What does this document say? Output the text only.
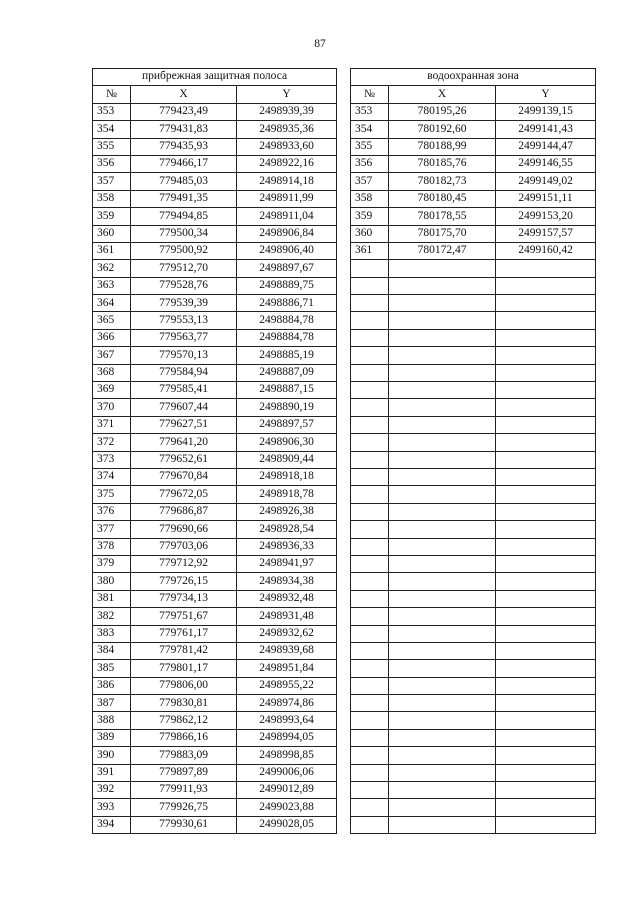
87
прибрежная защитная полоса		
№	X	Y
353	779423,49	2498939,39
354	779431,83	2498935,36
355	779435,93	2498933,60
356	779466,17	2498922,16
357	779485,03	2498914,18
358	779491,35	2498911,99
359	779494,85	2498911,04
360	779500,34	2498906,84
361	779500,92	2498906,40
362	779512,70	2498897,67
363	779528,76	2498889,75
364	779539,39	2498886,71
365	779553,13	2498884,78
366	779563,77	2498884,78
367	779570,13	2498885,19
368	779584,94	2498887,09
369	779585,41	2498887,15
370	779607,44	2498890,19
371	779627,51	2498897,57
372	779641,20	2498906,30
373	779652,61	2498909,44
374	779670,84	2498918,18
375	779672,05	2498918,78
376	779686,87	2498926,38
377	779690,66	2498928,54
378	779703,06	2498936,33
379	779712,92	2498941,97
380	779726,15	2498934,38
381	779734,13	2498932,48
382	779751,67	2498931,48
383	779761,17	2498932,62
384	779781,42	2498939,68
385	779801,17	2498951,84
386	779806,00	2498955,22
387	779830,81	2498974,86
388	779862,12	2498993,64
389	779866,16	2498994,05
390	779883,09	2498998,85
391	779897,89	2499006,06
392	779911,93	2499012,89
393	779926,75	2499023,88
394	779930,61	2499028,05
водоохранная зона		
№	X	Y
353	780195,26	2499139,15
354	780192,60	2499141,43
355	780188,99	2499144,47
356	780185,76	2499146,55
357	780182,73	2499149,02
358	780180,45	2499151,11
359	780178,55	2499153,20
360	780175,70	2499157,57
361	780172,47	2499160,42
